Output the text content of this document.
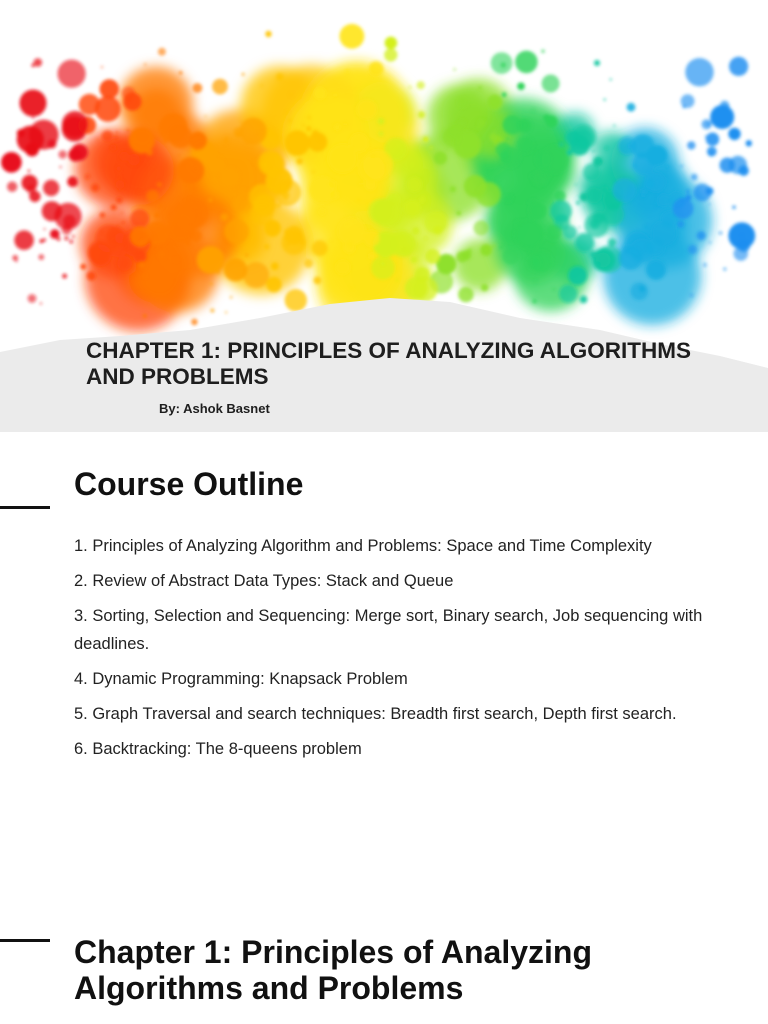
CHAPTER 1: PRINCIPLES OF ANALYZING ALGORITHMS AND PROBLEMS

By: Ashok Basnet

Course Outline
1. Principles of Analyzing Algorithm and Problems: Space and Time Complexity
2. Review of Abstract Data Types: Stack and Queue
3. Sorting, Selection and Sequencing: Merge sort, Binary search, Job sequencing with deadlines.
4. Dynamic Programming: Knapsack Problem
5. Graph Traversal and search techniques: Breadth first search, Depth first search.
6. Backtracking: The 8-queens problem
Chapter 1: Principles of Analyzing Algorithms and Problems
